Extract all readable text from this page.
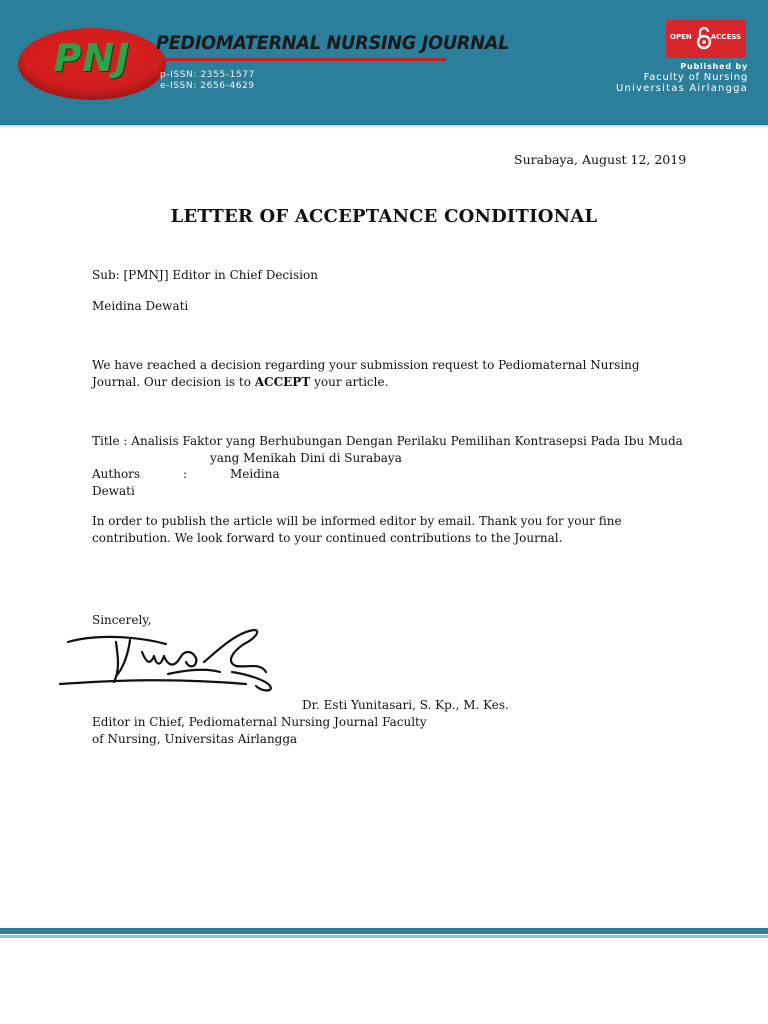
PNJ	PEDIOMATERNAL NURSING JOURNAL
p-ISSN: 2355-1577
e-ISSN: 2656-4629
OPEN	ACCESS
Published by
Faculty of Nursing
Universitas Airlangga
Surabaya, August 12, 2019
LETTER OF ACCEPTANCE CONDITIONAL
Sub: [PMNJ] Editor in Chief Decision
Meidina Dewati
We have reached a decision regarding your submission request to Pediomaternal Nursing
Journal. Our decision is to ACCEPT your article.
Title : Analisis Faktor yang Berhubungan Dengan Perilaku Pemilihan Kontrasepsi Pada Ibu Muda
yang Menikah Dini di Surabaya
Authors	:	Meidina
Dewati
In order to publish the article will be informed editor by email. Thank you for your fine
contribution. We look forward to your continued contributions to the Journal.
Sincerely,
Dr. Esti Yunitasari, S. Kp., M. Kes.
Editor in Chief, Pediomaternal Nursing Journal Faculty
of Nursing, Universitas Airlangga
